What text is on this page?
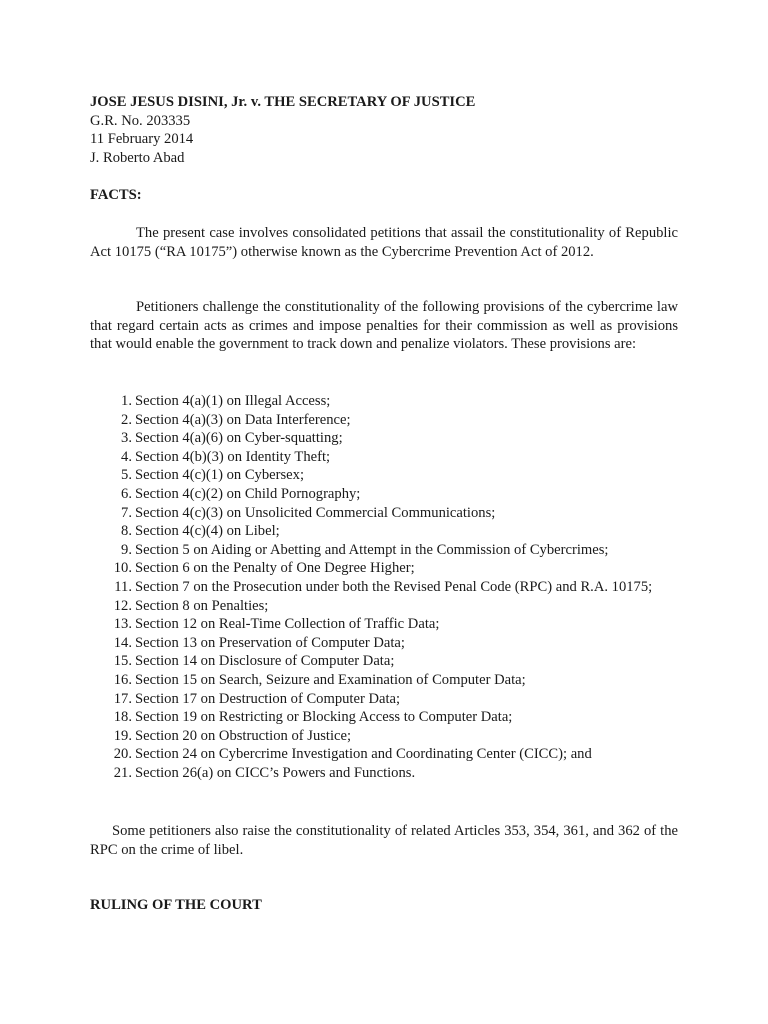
JOSE JESUS DISINI, Jr. v. THE SECRETARY OF JUSTICE
G.R. No. 203335
11 February 2014
J. Roberto Abad
FACTS:

The present case involves consolidated petitions that assail the constitutionality of Republic Act 10175 (“RA 10175”) otherwise known as the Cybercrime Prevention Act of 2012.

Petitioners challenge the constitutionality of the following provisions of the cybercrime law that regard certain acts as crimes and impose penalties for their commission as well as provisions that would enable the government to track down and penalize violators. These provisions are:

1. Section 4(a)(1) on Illegal Access;
2. Section 4(a)(3) on Data Interference;
3. Section 4(a)(6) on Cyber-squatting;
4. Section 4(b)(3) on Identity Theft;
5. Section 4(c)(1) on Cybersex;
6. Section 4(c)(2) on Child Pornography;
7. Section 4(c)(3) on Unsolicited Commercial Communications;
8. Section 4(c)(4) on Libel;
9. Section 5 on Aiding or Abetting and Attempt in the Commission of Cybercrimes;
10. Section 6 on the Penalty of One Degree Higher;
11. Section 7 on the Prosecution under both the Revised Penal Code (RPC) and R.A. 10175;
12. Section 8 on Penalties;
13. Section 12 on Real-Time Collection of Traffic Data;
14. Section 13 on Preservation of Computer Data;
15. Section 14 on Disclosure of Computer Data;
16. Section 15 on Search, Seizure and Examination of Computer Data;
17. Section 17 on Destruction of Computer Data;
18. Section 19 on Restricting or Blocking Access to Computer Data;
19. Section 20 on Obstruction of Justice;
20. Section 24 on Cybercrime Investigation and Coordinating Center (CICC); and
21. Section 26(a) on CICC’s Powers and Functions.

Some petitioners also raise the constitutionality of related Articles 353, 354, 361, and 362 of the RPC on the crime of libel.

RULING OF THE COURT
